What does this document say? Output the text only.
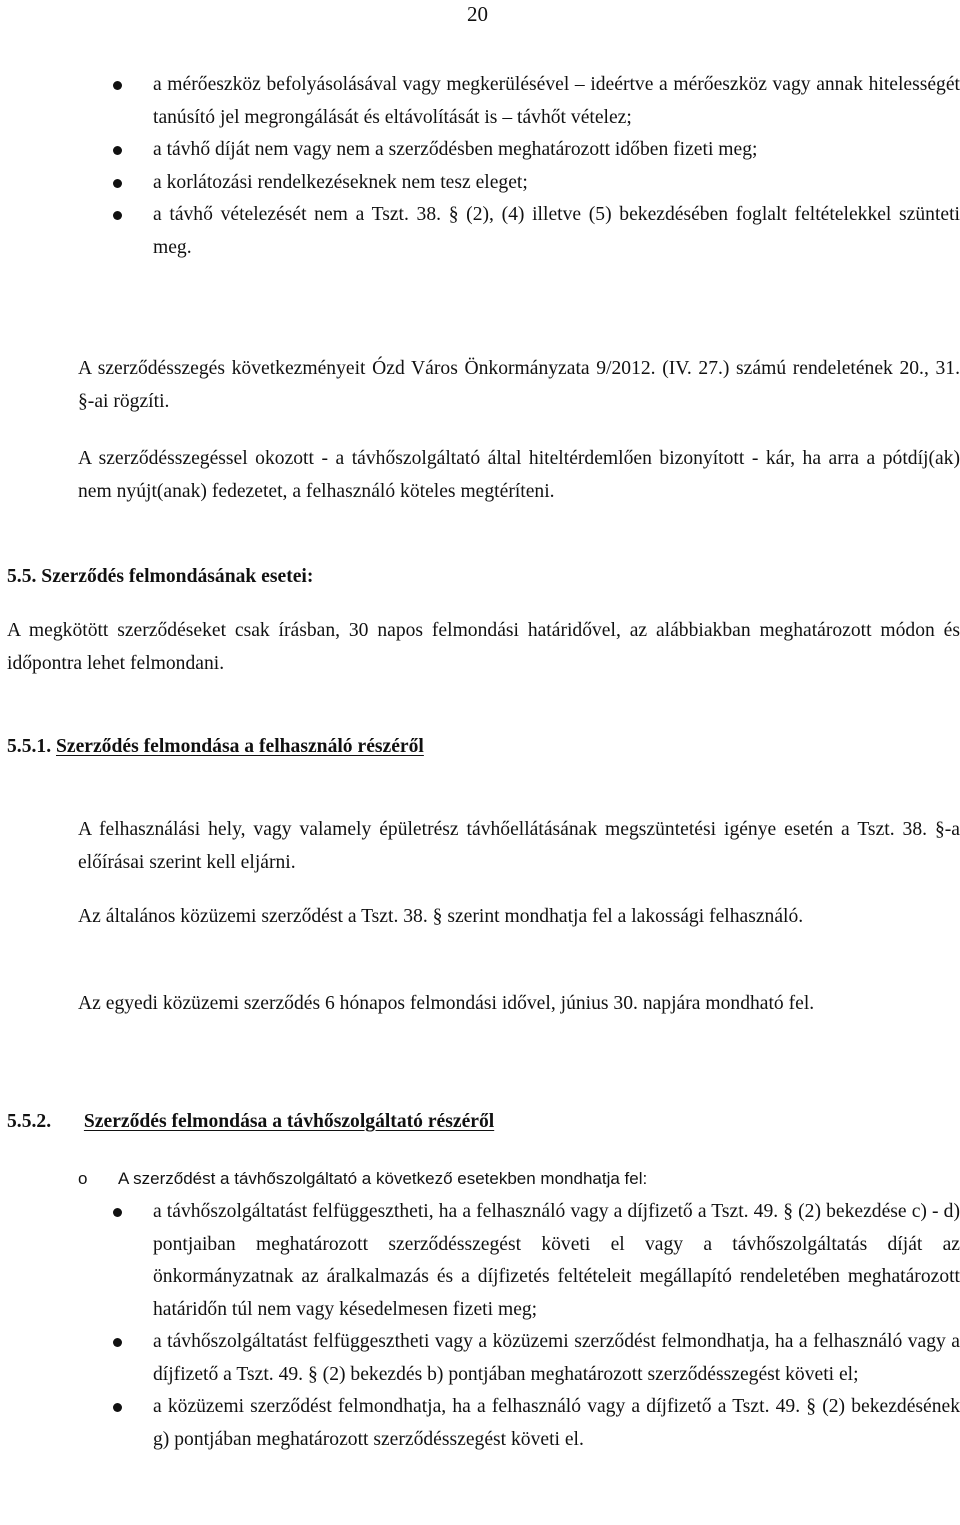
20
a mérőeszköz befolyásolásával vagy megkerülésével – ideértve a mérőeszköz vagy annak hitelességét tanúsító jel megrongálását és eltávolítását is – távhőt vételez;
a távhő díját nem vagy nem a szerződésben meghatározott időben fizeti meg;
a korlátozási rendelkezéseknek nem tesz eleget;
a távhő vételezését nem a Tszt. 38. § (2), (4) illetve (5) bekezdésében foglalt feltételekkel szünteti meg.
A szerződésszegés következményeit Ózd Város Önkormányzata 9/2012. (IV. 27.) számú rendeletének 20., 31. §-ai rögzíti.
A szerződésszegéssel okozott - a távhőszolgáltató által hiteltérdemlően bizonyított - kár, ha arra a pótdíj(ak) nem nyújt(anak) fedezetet, a felhasználó köteles megtéríteni.
5.5. Szerződés felmondásának esetei:
A megkötött szerződéseket csak írásban, 30 napos felmondási határidővel, az alábbiakban meghatározott módon és időpontra lehet felmondani.
5.5.1. Szerződés felmondása a felhasználó részéről
A felhasználási hely, vagy valamely épületrész távhőellátásának megszüntetési igénye esetén a Tszt. 38. §-a előírásai szerint kell eljárni.
Az általános közüzemi szerződést a Tszt. 38. § szerint mondhatja fel a lakossági felhasználó.
Az egyedi közüzemi szerződés 6 hónapos felmondási idővel, június 30. napjára mondható fel.
5.5.2. Szerződés felmondása a távhőszolgáltató részéről
o A szerződést a távhőszolgáltató a következő esetekben mondhatja fel:
a távhőszolgáltatást felfüggesztheti, ha a felhasználó vagy a díjfizető a Tszt. 49. § (2) bekezdése c) - d) pontjaiban meghatározott szerződésszegést követi el vagy a távhőszolgáltatás díját az önkormányzatnak az áralkalmazás és a díjfizetés feltételeit megállapító rendeletében meghatározott határidőn túl nem vagy késedelmesen fizeti meg;
a távhőszolgáltatást felfüggesztheti vagy a közüzemi szerződést felmondhatja, ha a felhasználó vagy a díjfizető a Tszt. 49. § (2) bekezdés b) pontjában meghatározott szerződésszegést követi el;
a közüzemi szerződést felmondhatja, ha a felhasználó vagy a díjfizető a Tszt. 49. § (2) bekezdésének g) pontjában meghatározott szerződésszegést követi el.
